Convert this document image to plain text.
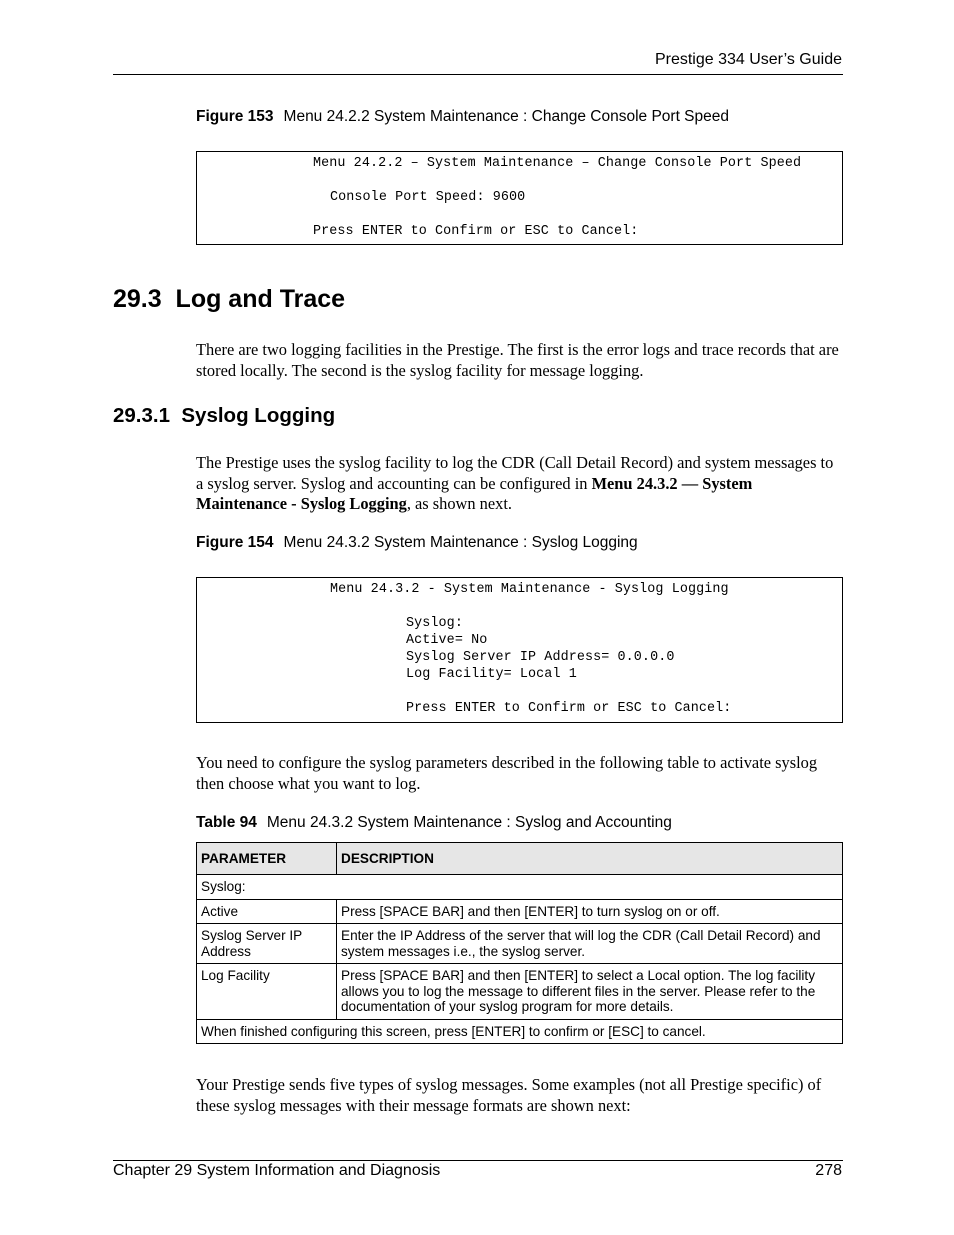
Prestige 334 User’s Guide
Figure 153 Menu 24.2.2 System Maintenance : Change Console Port Speed
Menu 24.2.2 – System Maintenance – Change Console Port Speed
Console Port Speed: 9600
Press ENTER to Confirm or ESC to Cancel:
29.3  Log and Trace
There are two logging facilities in the Prestige. The first is the error logs and trace records that are stored locally. The second is the syslog facility for message logging.
29.3.1  Syslog Logging
The Prestige uses the syslog facility to log the CDR (Call Detail Record) and system messages to a syslog server. Syslog and accounting can be configured in Menu 24.3.2 — System Maintenance - Syslog Logging, as shown next.
Figure 154 Menu 24.3.2 System Maintenance : Syslog Logging
Menu 24.3.2 - System Maintenance - Syslog Logging
Syslog:
Active= No
Syslog Server IP Address= 0.0.0.0
Log Facility= Local 1
Press ENTER to Confirm or ESC to Cancel:
You need to configure the syslog parameters described in the following table to activate syslog then choose what you want to log.
Table 94 Menu 24.3.2 System Maintenance : Syslog and Accounting
PARAMETER	DESCRIPTION
Syslog:	
Active	Press [SPACE BAR] and then [ENTER] to turn syslog on or off.
Syslog Server IP Address	Enter the IP Address of the server that will log the CDR (Call Detail Record) and system messages i.e., the syslog server.
Log Facility	Press [SPACE BAR] and then [ENTER] to select a Local option. The log facility allows you to log the message to different files in the server. Please refer to the documentation of your syslog program for more details.
When finished configuring this screen, press [ENTER] to confirm or [ESC] to cancel.	
Your Prestige sends five types of syslog messages. Some examples (not all Prestige specific) of these syslog messages with their message formats are shown next:
Chapter 29 System Information and Diagnosis	278
